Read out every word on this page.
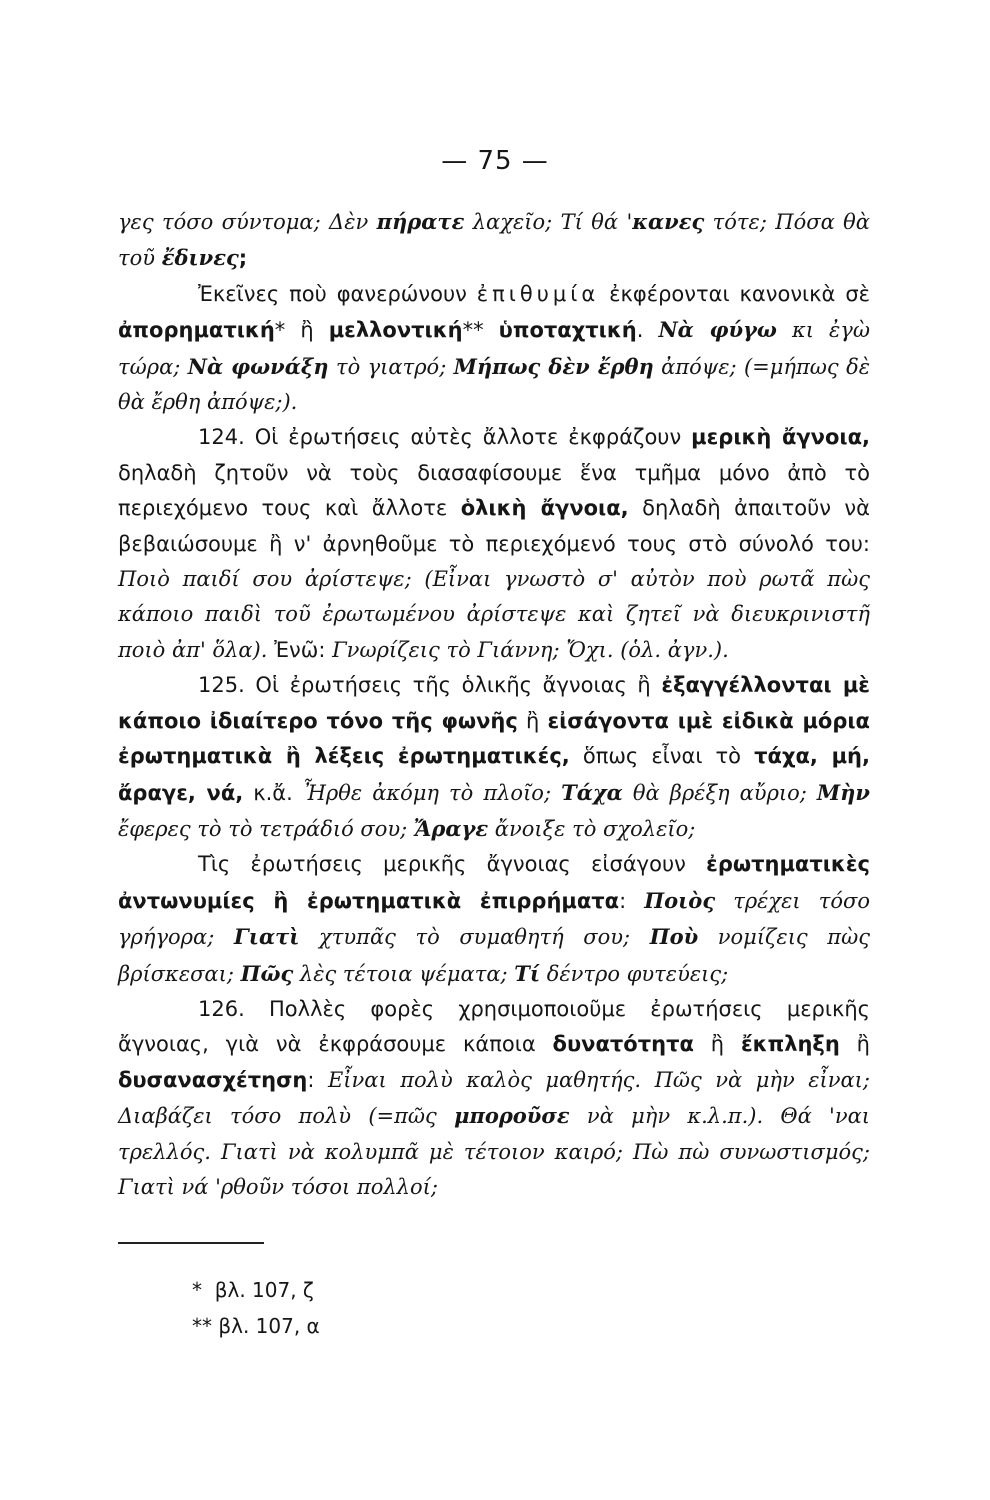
— 75 —

γες τόσο σύντομα; Δὲν πήρατε λαχεῖο; Τί θά 'κανες τότε; Πόσα θὰ τοῦ ἔδινες;

Ἐκεῖνες ποὺ φανερώνουν ἐπιθυμία ἐκφέρονται κανονικὰ σὲ ἀπορηματική* ἢ μελλοντική** ὑποταχτική. Νὰ φύγω κι ἐγὼ τώρα; Νὰ φωνάξη τὸ γιατρό; Μήπως δὲν ἔρθη ἀπόψε; (=μήπως δὲ θὰ ἔρθη ἀπόψε;).

124. Οἱ ἐρωτήσεις αὐτὲς ἄλλοτε ἐκφράζουν μερικὴ ἄγνοια, δηλαδὴ ζητοῦν νὰ τοὺς διασαφίσουμε ἕνα τμῆμα μόνο ἀπὸ τὸ περιεχόμενο τους καὶ ἄλλοτε ὁλικὴ ἄγνοια, δηλαδὴ ἀπαιτοῦν νὰ βεβαιώσουμε ἢ ν' ἀρνηθοῦμε τὸ περιεχόμενό τους στὸ σύνολό του: Ποιὸ παιδί σου ἀρίστεψε; (Εἶναι γνωστὸ σ' αὐτὸν ποὺ ρωτᾶ πὼς κάποιο παιδὶ τοῦ ἐρωτωμένου ἀρίστεψε καὶ ζητεῖ νὰ διευκρινιστῆ ποιὸ ἀπ' ὅλα). Ἐνῶ: Γνωρίζεις τὸ Γιάννη; Ὄχι. (ὁλ. ἀγν.).

125. Οἱ ἐρωτήσεις τῆς ὁλικῆς ἄγνοιας ἢ ἐξαγγέλλονται μὲ κάποιο ἰδιαίτερο τόνο τῆς φωνῆς ἢ εἰσάγοντα ιμὲ εἰδικὰ μόρια ἐρωτηματικὰ ἢ λέξεις ἐρωτηματικές, ὅπως εἶναι τὸ τάχα, μή, ἄραγε, νά, κ.ἄ. Ἦρθε ἀκόμη τὸ πλοῖο; Τάχα θὰ βρέξη αὔριο; Μὴν ἔφερες τὸ τὸ τετράδιό σου; Ἄραγε ἄνοιξε τὸ σχολεῖο;

Τὶς ἐρωτήσεις μερικῆς ἄγνοιας εἰσάγουν ἐρωτηματικὲς ἀντωνυμίες ἢ ἐρωτηματικὰ ἐπιρρήματα: Ποιὸς τρέχει τόσο γρήγορα; Γιατὶ χτυπᾶς τὸ συμαθητή σου; Ποὺ νομίζεις πὼς βρίσκεσαι; Πῶς λὲς τέτοια ψέματα; Τί δέντρο φυτεύεις;

126. Πολλὲς φορὲς χρησιμοποιοῦμε ἐρωτήσεις μερικῆς ἄγνοιας, γιὰ νὰ ἐκφράσουμε κάποια δυνατότητα ἢ ἔκπληξη ἢ δυσανασχέτηση: Εἶναι πολὺ καλὸς μαθητής. Πῶς νὰ μὴν εἶναι; Διαβάζει τόσο πολὺ (=πῶς μποροῦσε νὰ μὴν κ.λ.π.). Θά 'ναι τρελλός. Γιατὶ νὰ κολυμπᾶ μὲ τέτοιον καιρό; Πὼ πὼ συνωστισμός; Γιατὶ νά 'ρθοῦν τόσοι πολλοί;

*  βλ. 107, ζ
** βλ. 107, α
